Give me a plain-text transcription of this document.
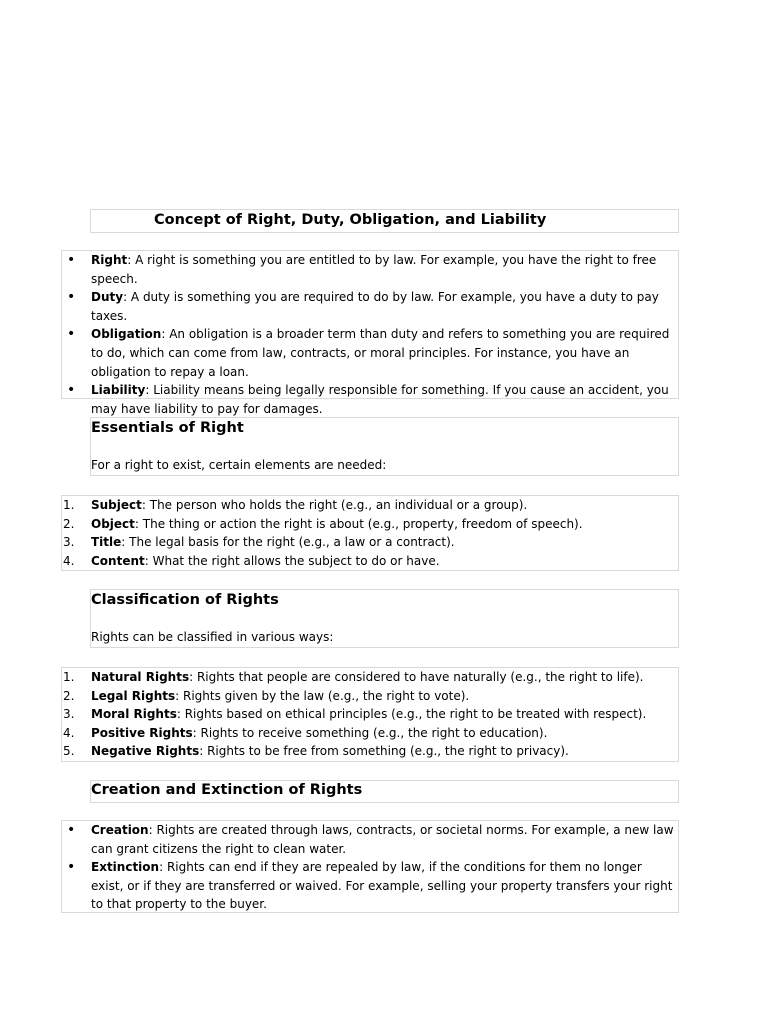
Concept of Right, Duty, Obligation, and Liability
• Right: A right is something you are entitled to by law. For example, you have the right to free speech.
• Duty: A duty is something you are required to do by law. For example, you have a duty to pay taxes.
• Obligation: An obligation is a broader term than duty and refers to something you are required to do, which can come from law, contracts, or moral principles. For instance, you have an obligation to repay a loan.
• Liability: Liability means being legally responsible for something. If you cause an accident, you may have liability to pay for damages.
Essentials of Right
For a right to exist, certain elements are needed:
1.	Subject: The person who holds the right (e.g., an individual or a group).
2.	Object: The thing or action the right is about (e.g., property, freedom of speech).
3.	Title: The legal basis for the right (e.g., a law or a contract).
4.	Content: What the right allows the subject to do or have.
Classification of Rights
Rights can be classified in various ways:
1.	Natural Rights: Rights that people are considered to have naturally (e.g., the right to life).
2.	Legal Rights: Rights given by the law (e.g., the right to vote).
3.	Moral Rights: Rights based on ethical principles (e.g., the right to be treated with respect).
4.	Positive Rights: Rights to receive something (e.g., the right to education).
5.	Negative Rights: Rights to be free from something (e.g., the right to privacy).
Creation and Extinction of Rights
• Creation: Rights are created through laws, contracts, or societal norms. For example, a new law can grant citizens the right to clean water.
• Extinction: Rights can end if they are repealed by law, if the conditions for them no longer exist, or if they are transferred or waived. For example, selling your property transfers your right to that property to the buyer.
